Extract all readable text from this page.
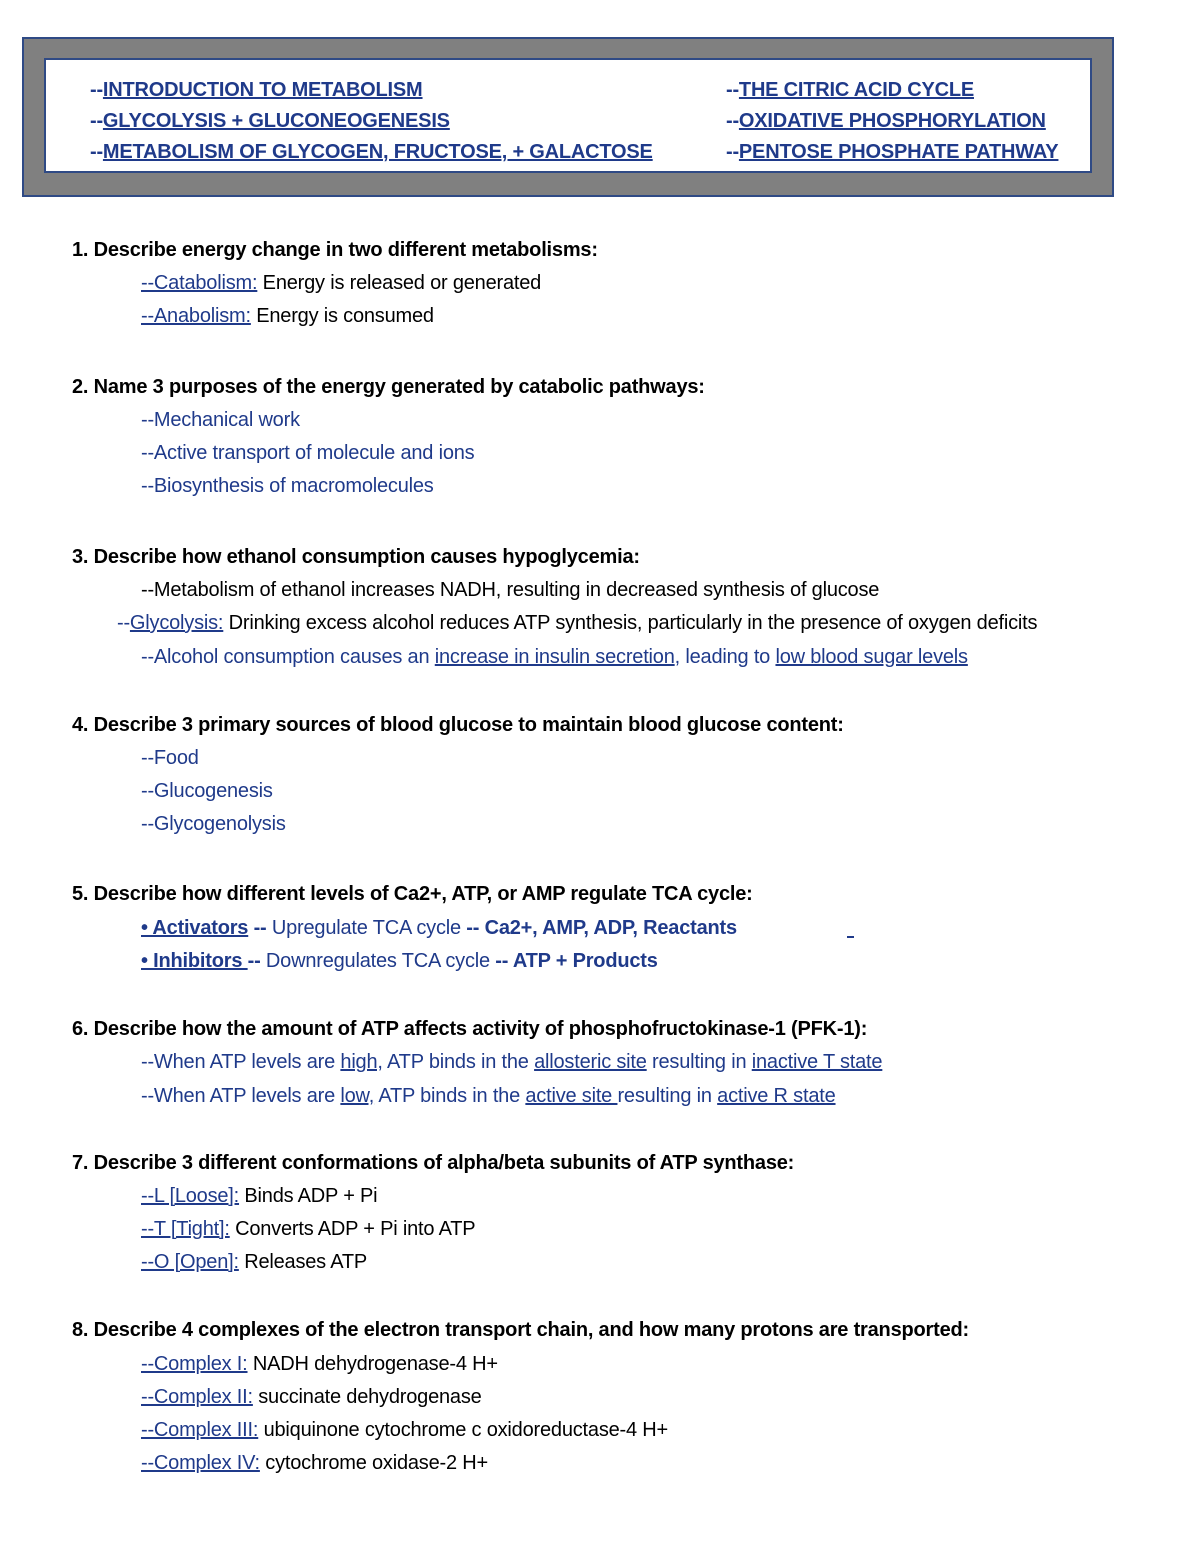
--INTRODUCTION TO METABOLISM
--GLYCOLYSIS + GLUCONEOGENESIS
--METABOLISM OF GLYCOGEN, FRUCTOSE, + GALACTOSE
--THE CITRIC ACID CYCLE
--OXIDATIVE PHOSPHORYLATION
--PENTOSE PHOSPHATE PATHWAY
1. Describe energy change in two different metabolisms:
--Catabolism: Energy is released or generated
--Anabolism: Energy is consumed
2. Name 3 purposes of the energy generated by catabolic pathways:
--Mechanical work
--Active transport of molecule and ions
--Biosynthesis of macromolecules
3. Describe how ethanol consumption causes hypoglycemia:
--Metabolism of ethanol increases NADH, resulting in decreased synthesis of glucose
--Glycolysis: Drinking excess alcohol reduces ATP synthesis, particularly in the presence of oxygen deficits
--Alcohol consumption causes an increase in insulin secretion, leading to low blood sugar levels
4. Describe 3 primary sources of blood glucose to maintain blood glucose content:
--Food
--Glucogenesis
--Glycogenolysis
5. Describe how different levels of Ca2+, ATP, or AMP regulate TCA cycle:
• Activators -- Upregulate TCA cycle -- Ca2+, AMP, ADP, Reactants
• Inhibitors -- Downregulates TCA cycle -- ATP + Products
6. Describe how the amount of ATP affects activity of phosphofructokinase-1 (PFK-1):
--When ATP levels are high, ATP binds in the allosteric site resulting in inactive T state
--When ATP levels are low, ATP binds in the active site resulting in active R state
7. Describe 3 different conformations of alpha/beta subunits of ATP synthase:
--L [Loose]: Binds ADP + Pi
--T [Tight]: Converts ADP + Pi into ATP
--O [Open]: Releases ATP
8. Describe 4 complexes of the electron transport chain, and how many protons are transported:
--Complex I: NADH dehydrogenase-4 H+
--Complex II: succinate dehydrogenase
--Complex III: ubiquinone cytochrome c oxidoreductase-4 H+
--Complex IV: cytochrome oxidase-2 H+
